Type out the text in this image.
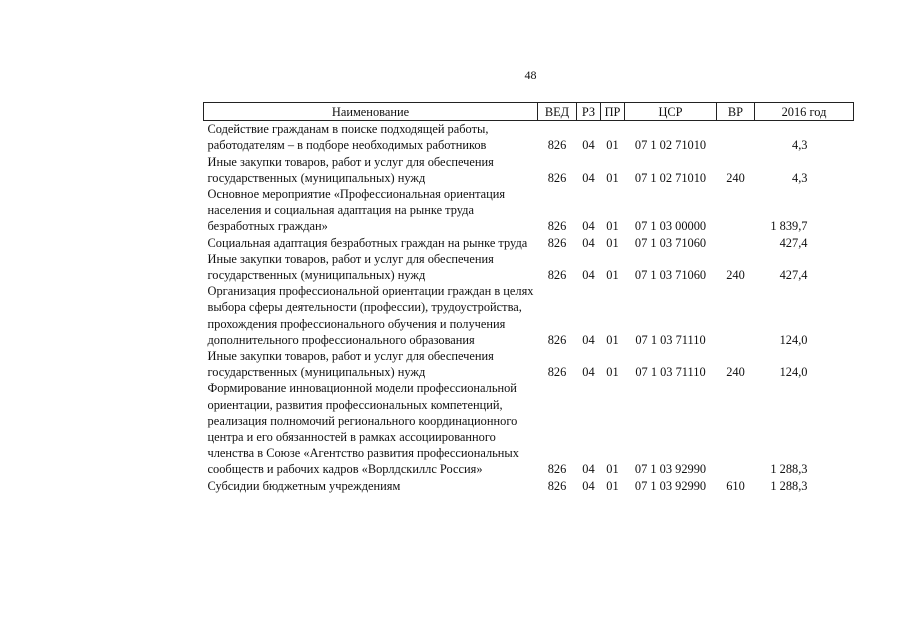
48
Наименование	ВЕД	РЗ	ПР	ЦСР	ВР	2016 год
Содействие гражданам в поиске подходящей работы, работодателям – в подборе необходимых работников	826	04	01	07 1 02 71010		4,3
Иные закупки товаров, работ и услуг для обеспечения государственных (муниципальных) нужд	826	04	01	07 1 02 71010	240	4,3
Основное мероприятие «Профессиональная ориентация населения и социальная адаптация на рынке труда безработных граждан»	826	04	01	07 1 03 00000		1 839,7
Социальная адаптация безработных граждан на рынке труда	826	04	01	07 1 03 71060		427,4
Иные закупки товаров, работ и услуг для обеспечения государственных (муниципальных) нужд	826	04	01	07 1 03 71060	240	427,4
Организация профессиональной ориентации граждан в целях выбора сферы деятельности (профессии), трудоустройства, прохождения профессионального обучения и получения дополнительного профессионального образования	826	04	01	07 1 03 71110		124,0
Иные закупки товаров, работ и услуг для обеспечения государственных (муниципальных) нужд	826	04	01	07 1 03 71110	240	124,0
Формирование инновационной модели профессиональной ориентации, развития профессиональных компетенций, реализация полномочий регионального координационного центра и его обязанностей в рамках ассоциированного членства в Союзе «Агентство развития профессиональных сообществ и рабочих кадров «Ворлдскиллс Россия»	826	04	01	07 1 03 92990		1 288,3
Субсидии бюджетным учреждениям	826	04	01	07 1 03 92990	610	1 288,3
